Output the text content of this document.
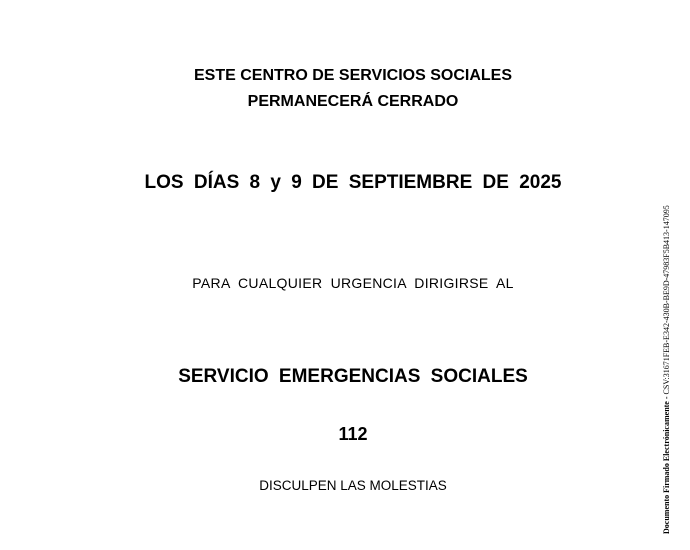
ESTE CENTRO DE SERVICIOS SOCIALES

PERMANECERÁ CERRADO

LOS DÍAS 8 y 9 DE SEPTIEMBRE DE 2025

PARA CUALQUIER URGENCIA DIRIGIRSE AL

SERVICIO EMERGENCIAS SOCIALES

112

DISCULPEN LAS MOLESTIAS	Documento Firmado Electrónicamente - CSV:31671FEB-E342-430B-BE9D-47983F5B413-147095
